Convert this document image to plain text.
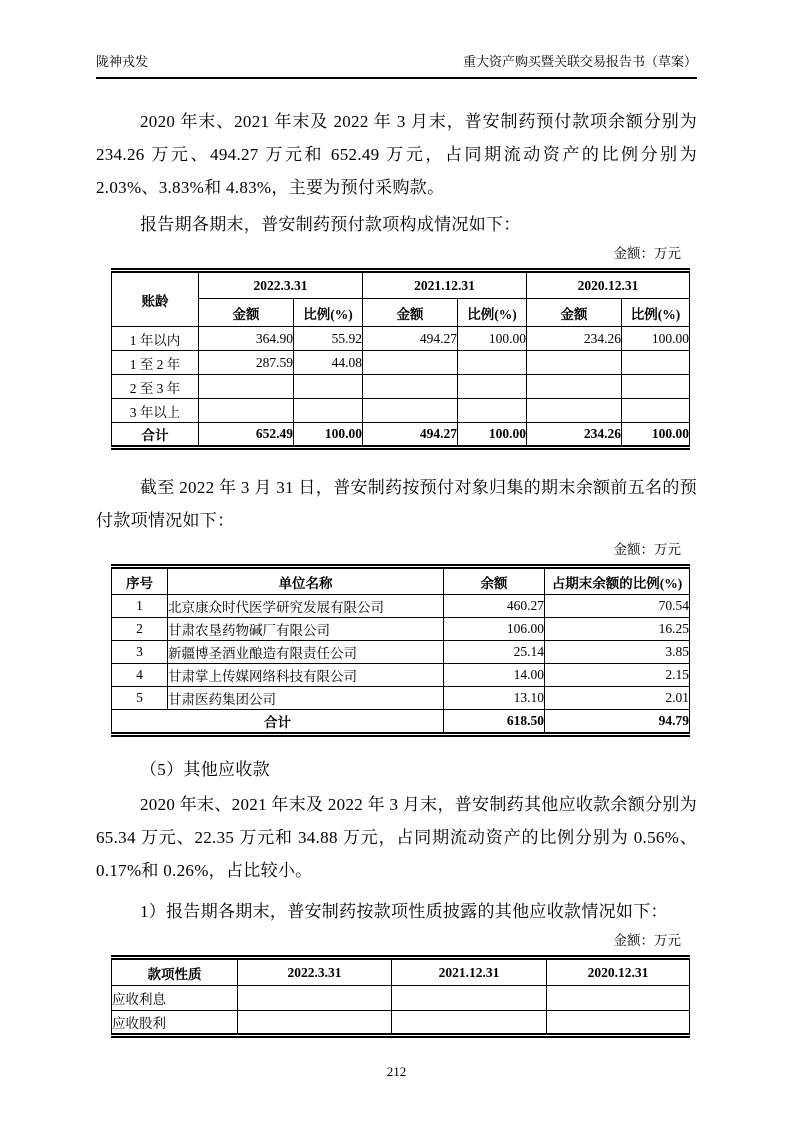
陇神戎发	重大资产购买暨关联交易报告书（草案）

2020 年末、2021 年末及 2022 年 3 月末，普安制药预付款项余额分别为 234.26 万元、494.27 万元和 652.49 万元，占同期流动资产的比例分别为 2.03%、3.83%和 4.83%，主要为预付采购款。

报告期各期末，普安制药预付款项构成情况如下：

金额：万元
账龄	2022.3.31		2021.12.31		2020.12.31	
	金额	比例(%)	金额	比例(%)	金额	比例(%)
1 年以内	364.90	55.92	494.27	100.00	234.26	100.00
1 至 2 年	287.59	44.08				
2 至 3 年						
3 年以上						
合计	652.49	100.00	494.27	100.00	234.26	100.00

截至 2022 年 3 月 31 日，普安制药按预付对象归集的期末余额前五名的预付款项情况如下：

金额：万元
序号	单位名称	余额	占期末余额的比例(%)
1	北京康众时代医学研究发展有限公司	460.27	70.54
2	甘肃农垦药物碱厂有限公司	106.00	16.25
3	新疆博圣酒业酿造有限责任公司	25.14	3.85
4	甘肃掌上传媒网络科技有限公司	14.00	2.15
5	甘肃医药集团公司	13.10	2.01
合计		618.50	94.79

（5）其他应收款

2020 年末、2021 年末及 2022 年 3 月末，普安制药其他应收款余额分别为 65.34 万元、22.35 万元和 34.88 万元，占同期流动资产的比例分别为 0.56%、0.17%和 0.26%，占比较小。

1）报告期各期末，普安制药按款项性质披露的其他应收款情况如下：

金额：万元
款项性质	2022.3.31	2021.12.31	2020.12.31
应收利息			
应收股利			
212
